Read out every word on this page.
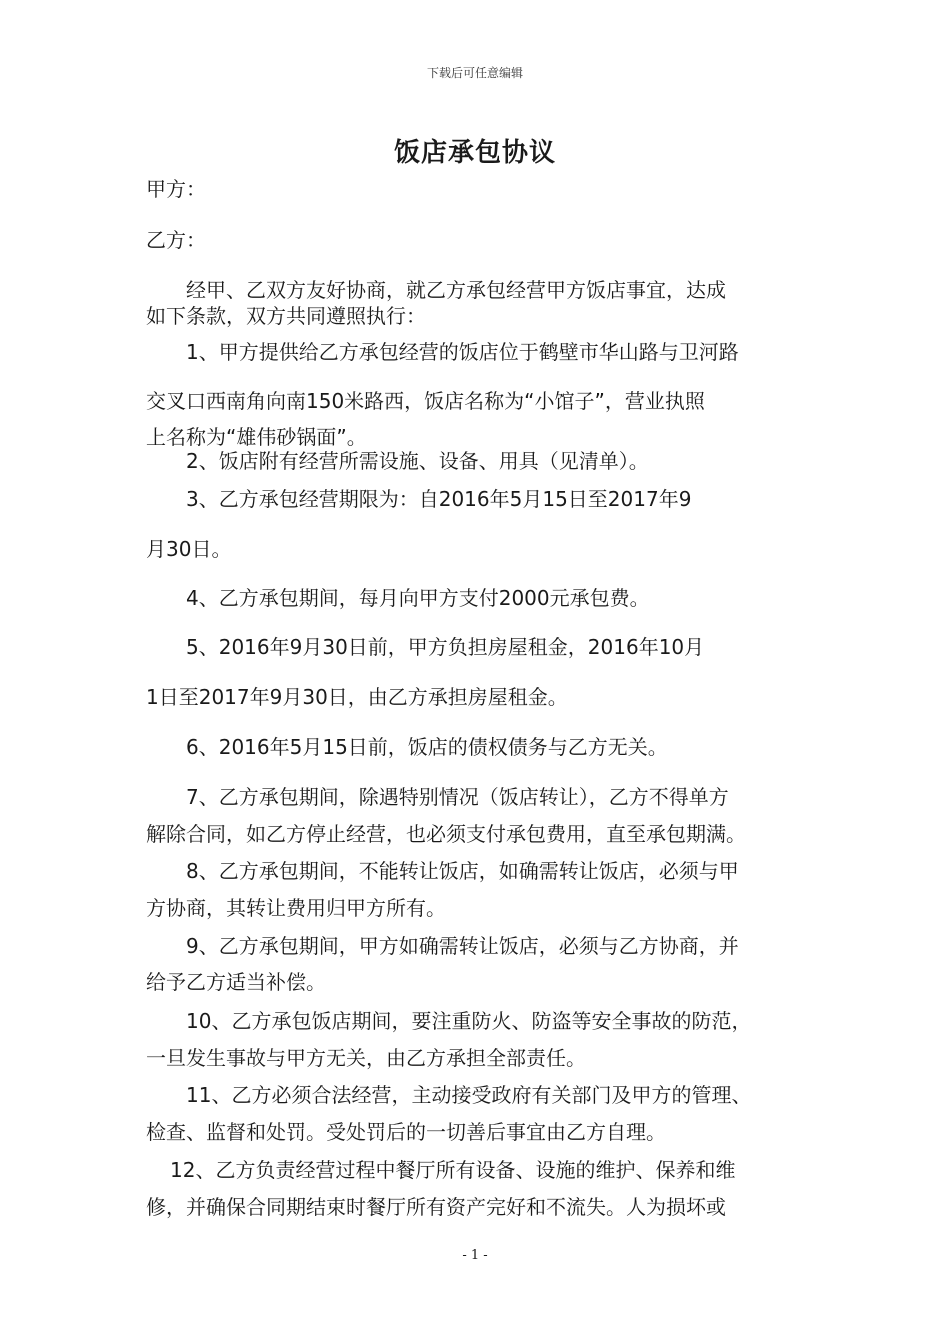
下载后可任意编辑
饭店承包协议
甲方：
乙方：
经甲、乙双方友好协商，就乙方承包经营甲方饭店事宜，达成
如下条款，双方共同遵照执行：
1、甲方提供给乙方承包经营的饭店位于鹤壁市华山路与卫河路
交叉口西南角向南150米路西，饭店名称为“小馆子”，营业执照
上名称为“雄伟砂锅面”。
2、饭店附有经营所需设施、设备、用具（见清单）。
3、乙方承包经营期限为：自2016年5月15日至2017年9
月30日。
4、乙方承包期间，每月向甲方支付2000元承包费。
5、2016年9月30日前，甲方负担房屋租金，2016年10月
1日至2017年9月30日，由乙方承担房屋租金。
6、2016年5月15日前，饭店的债权债务与乙方无关。
7、乙方承包期间，除遇特别情况（饭店转让），乙方不得单方
解除合同，如乙方停止经营，也必须支付承包费用，直至承包期满。
8、乙方承包期间，不能转让饭店，如确需转让饭店，必须与甲
方协商，其转让费用归甲方所有。
9、乙方承包期间，甲方如确需转让饭店，必须与乙方协商，并
给予乙方适当补偿。
10、乙方承包饭店期间，要注重防火、防盗等安全事故的防范，
一旦发生事故与甲方无关，由乙方承担全部责任。
11、乙方必须合法经营，主动接受政府有关部门及甲方的管理、
检查、监督和处罚。受处罚后的一切善后事宜由乙方自理。
12、乙方负责经营过程中餐厅所有设备、设施的维护、保养和维
修，并确保合同期结束时餐厅所有资产完好和不流失。人为损坏或
- 1 -
